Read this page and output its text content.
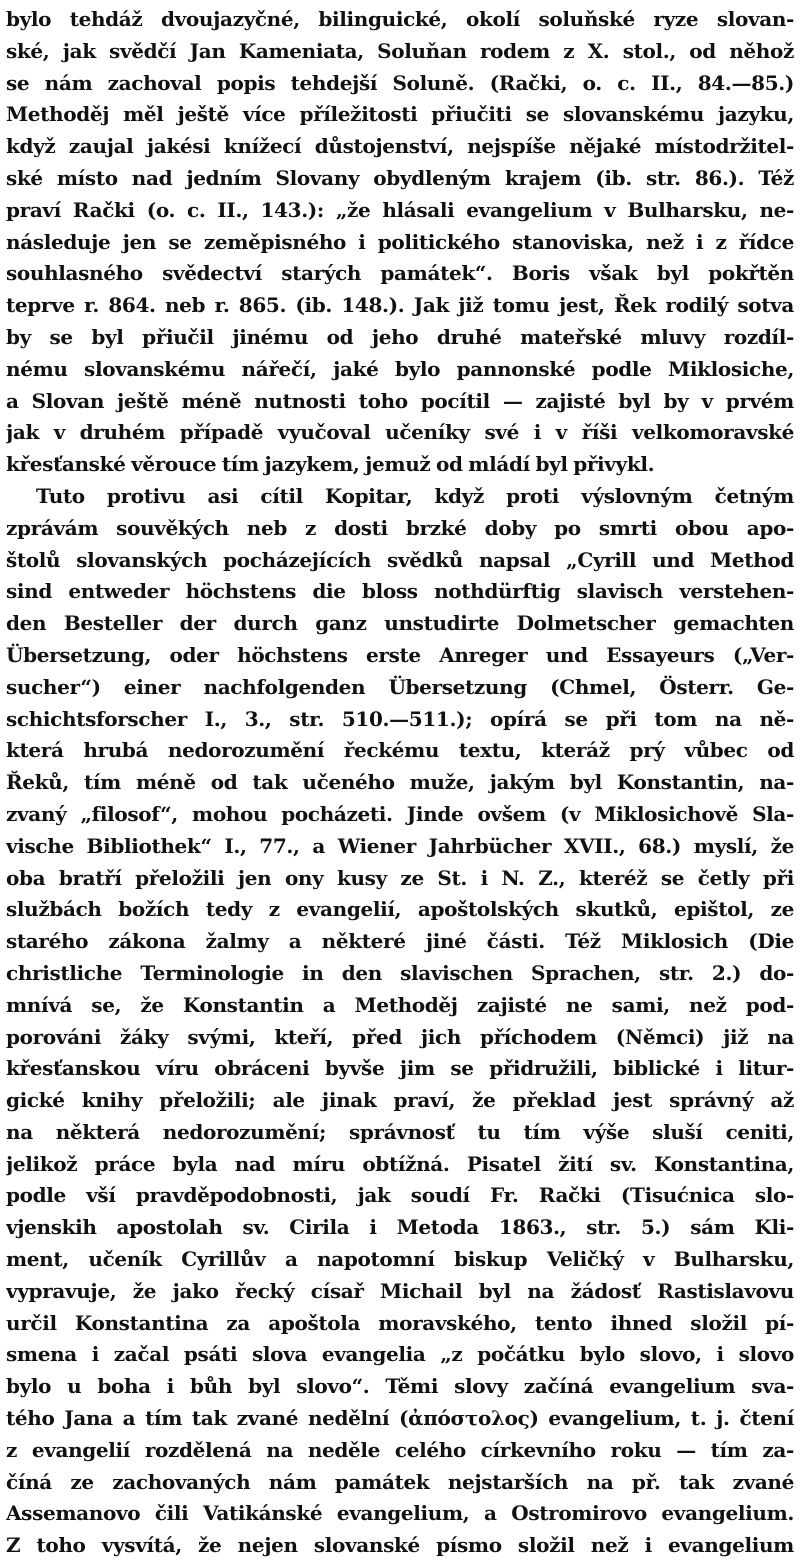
bylo tehdáž dvoujazyčné, bilinguické, okolí soluňské ryze slovan-
ské, jak svědčí Jan Kameniata, Soluňan rodem z X. stol., od něhož
se nám zachoval popis tehdejší Soluně. (Rački, o. c. II., 84.—85.)
Methoděj měl ještě více příležitosti přiučiti se slovanskému jazyku,
když zaujal jakési knížecí důstojenství, nejspíše nějaké místodržitel-
ské místo nad jedním Slovany obydleným krajem (ib. str. 86.). Též
praví Rački (o. c. II., 143.): „že hlásali evangelium v Bulharsku, ne-
následuje jen se zeměpisného i politického stanoviska, než i z řídce
souhlasného svědectví starých památek“. Boris však byl pokřtěn
teprve r. 864. neb r. 865. (ib. 148.). Jak již tomu jest, Řek rodilý sotva
by se byl přiučil jinému od jeho druhé mateřské mluvy rozdíl-
nému slovanskému nářečí, jaké bylo pannonské podle Miklosiche,
a Slovan ještě méně nutnosti toho pocítil — zajisté byl by v prvém
jak v druhém případě vyučoval učeníky své i v říši velkomoravské
křesťanské věrouce tím jazykem, jemuž od mládí byl přivykl.
Tuto protivu asi cítil Kopitar, když proti výslovným četným
zprávám souvěkých neb z dosti brzké doby po smrti obou apo-
štolů slovanských pocházejících svědků napsal „Cyrill und Method
sind entweder höchstens die bloss nothdürftig slavisch verstehen-
den Besteller der durch ganz unstudirte Dolmetscher gemachten
Übersetzung, oder höchstens erste Anreger und Essayeurs („Ver-
sucher“) einer nachfolgenden Übersetzung (Chmel, Österr. Ge-
schichtsforscher I., 3., str. 510.—511.); opírá se při tom na ně-
která hrubá nedorozumění řeckému textu, kteráž prý vůbec od
Řeků, tím méně od tak učeného muže, jakým byl Konstantin, na-
zvaný „filosof“, mohou pocházeti. Jinde ovšem (v Miklosichově Sla-
vische Bibliothek“ I., 77., a Wiener Jahrbücher XVII., 68.) myslí, že
oba bratří přeložili jen ony kusy ze St. i N. Z., kteréž se četly při
službách božích tedy z evangelií, apoštolských skutků, epištol, ze
starého zákona žalmy a některé jiné části. Též Miklosich (Die
christliche Terminologie in den slavischen Sprachen, str. 2.) do-
mnívá se, že Konstantin a Methoděj zajisté ne sami, než pod-
porováni žáky svými, kteří, před jich příchodem (Němci) již na
křesťanskou víru obráceni byvše jim se přidružili, biblické i litur-
gické knihy přeložili; ale jinak praví, že překlad jest správný až
na některá nedorozumění; správnosť tu tím výše sluší ceniti,
jelikož práce byla nad míru obtížná. Pisatel žití sv. Konstantina,
podle vší pravděpodobnosti, jak soudí Fr. Rački (Tisućnica slo-
vjenskih apostolah sv. Cirila i Metoda 1863., str. 5.) sám Kli-
ment, učeník Cyrillův a napotomní biskup Veličký v Bulharsku,
vypravuje, že jako řecký císař Michail byl na žádosť Rastislavovu
určil Konstantina za apoštola moravského, tento ihned složil pí-
smena i začal psáti slova evangelia „z počátku bylo slovo, i slovo
bylo u boha i bůh byl slovo“. Těmi slovy začíná evangelium sva-
tého Jana a tím tak zvané nedělní (ἀπόστολος) evangelium, t. j. čtení
z evangelií rozdělená na neděle celého církevního roku — tím za-
číná ze zachovaných nám památek nejstarších na př. tak zvané
Assemanovo čili Vatikánské evangelium, a Ostromirovo evangelium.
Z toho vysvítá, že nejen slovanské písmo složil než i evangelium
